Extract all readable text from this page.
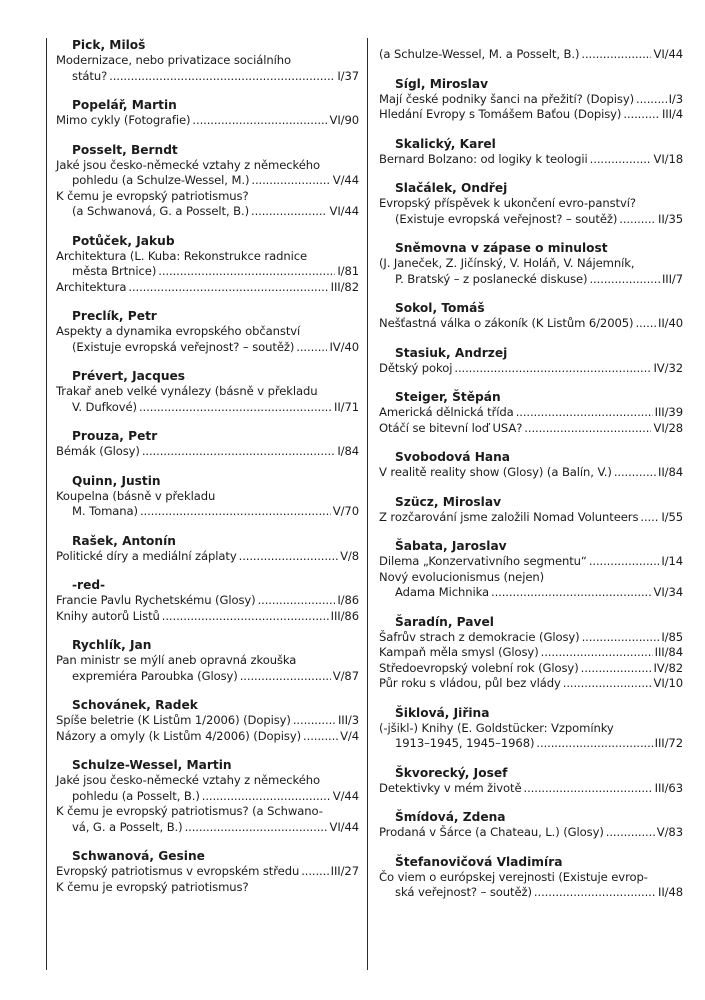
Pick, Miloš
Modernizace, nebo privatizace sociálního
státu? . . .	I/37
Popelář, Martin
Mimo cykly (Fotografie) . . .	VI/90
Posselt, Berndt
Jaké jsou česko-německé vztahy z německého
pohledu (a Schulze-Wessel, M.) . . .	V/44
K čemu je evropský patriotismus?
(a Schwanová, G. a Posselt, B.) . . .	VI/44
Potůček, Jakub
Architektura (L. Kuba: Rekonstrukce radnice
města Brtnice) . . .	I/81
Architektura . . .	III/82
Preclík, Petr
Aspekty a dynamika evropského občanství
(Existuje evropská veřejnost? – soutěž) . . .	IV/40
Prévert, Jacques
Trakař aneb velké vynálezy (básně v překladu
V. Dufkové) . . .	II/71
Prouza, Petr
Bémák (Glosy) . . .	I/84
Quinn, Justin
Koupelna (básně v překladu
M. Tomana) . . .	V/70
Rašek, Antonín
Politické díry a mediální záplaty . . .	V/8
-red-
Francie Pavlu Rychetskému (Glosy) . . .	I/86
Knihy autorů Listů . . .	III/86
Rychlík, Jan
Pan ministr se mýlí aneb opravná zkouška
expremiéra Paroubka (Glosy) . . .	V/87
Schovánek, Radek
Spíše beletrie (K Listům 1/2006) (Dopisy) . . .	III/3
Názory a omyly (k Listům 4/2006) (Dopisy) . . .	V/4
Schulze-Wessel, Martin
Jaké jsou česko-německé vztahy z německého
pohledu (a Posselt, B.) . . .	V/44
K čemu je evropský patriotismus? (a Schwano-
vá, G. a Posselt, B.) . . .	VI/44
Schwanová, Gesine
Evropský patriotismus v evropském středu . . .	III/27
K čemu je evropský patriotismus?
(a Schulze-Wessel, M. a Posselt, B.) . . .	VI/44
Sígl, Miroslav
Mají české podniky šanci na přežití? (Dopisy) . . .	I/3
Hledání Evropy s Tomášem Baťou (Dopisy) . . .	III/4
Skalický, Karel
Bernard Bolzano: od logiky k teologii . . .	VI/18
Slačálek, Ondřej
Evropský příspěvek k ukončení evro-panství?
(Existuje evropská veřejnost? – soutěž) . . .	II/35
Sněmovna v zápase o minulost
(J. Janeček, Z. Jičínský, V. Holáň, V. Nájemník,
P. Bratský – z poslanecké diskuse) . . .	III/7
Sokol, Tomáš
Nešťastná válka o zákoník (K Listům 6/2005) . . . II/40
Stasiuk, Andrzej
Dětský pokoj . . .	IV/32
Steiger, Štěpán
Americká dělnická třída . . .	III/39
Otáčí se bitevní loď USA? . . .	VI/28
Svobodová Hana
V realitě reality show (Glosy) (a Balín, V.) . . .	II/84
Szücz, Miroslav
Z rozčarování jsme založili Nomad Volunteers . . . I/55
Šabata, Jaroslav
Dilema „Konzervativního segmentu“ . . .	I/14
Nový evolucionismus (nejen)
Adama Michnika . . .	VI/34
Šaradín, Pavel
Šafrův strach z demokracie (Glosy) . . .	I/85
Kampaň měla smysl (Glosy) . . .	III/84
Středoevropský volební rok (Glosy) . . .	IV/82
Půr roku s vládou, půl bez vlády . . .	VI/10
Šiklová, Jiřina
(-jšikl-) Knihy (E. Goldstücker: Vzpomínky
1913–1945, 1945–1968) . . .	III/72
Škvorecký, Josef
Detektivky v mém životě . . .	III/63
Šmídová, Zdena
Prodaná v Šárce (a Chateau, L.) (Glosy) . . .	V/83
Štefanovičová Vladimíra
Čo viem o európskej verejnosti (Existuje evrop-
ská veřejnost? – soutěž) . . .	II/48
